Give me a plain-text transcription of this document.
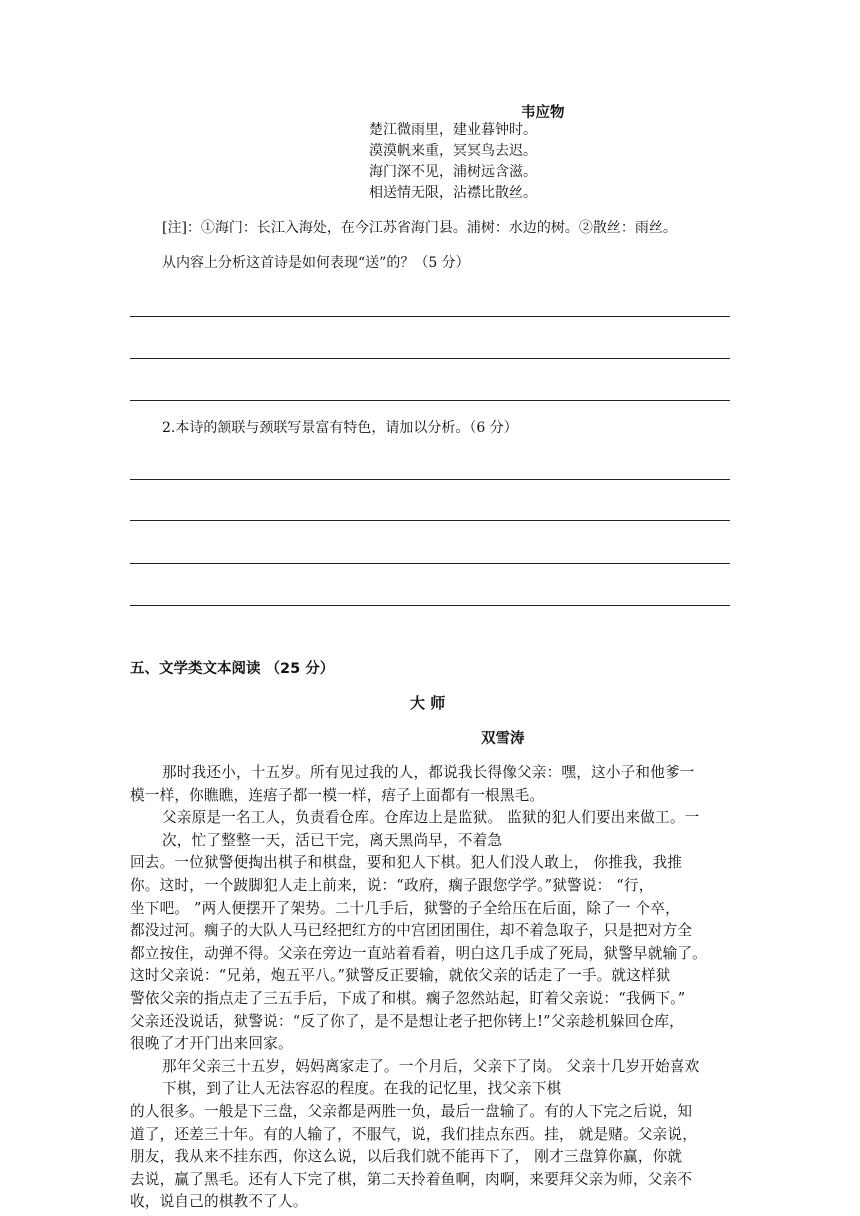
韦应物
楚江微雨里，建业暮钟时。
漠漠帆来重，冥冥鸟去迟。
海门深不见，浦树远含滋。
相送情无限，沾襟比散丝。
[注]：①海门：长江入海处，在今江苏省海门县。浦树：水边的树。②散丝：雨丝。
从内容上分析这首诗是如何表现“送”的？（5 分）
2.本诗的颔联与颈联写景富有特色，请加以分析。（6 分）
五、文学类文本阅读 （25 分）
大 师
双雪涛

那时我还小，十五岁。所有见过我的人，都说我长得像父亲：嘿，这小子和他爹一

模一样，你瞧瞧，连痦子都一模一样，痦子上面都有一根黑毛。

父亲原是一名工人，负责看仓库。仓库边上是监狱。 监狱的犯人们要出来做工。一

次，忙了整整一天，活已干完，离天黑尚早，不着急

回去。一位狱警便掏出棋子和棋盘，要和犯人下棋。犯人们没人敢上， 你推我，我推

你。这时，一个跛脚犯人走上前来，说：“政府，瘸子跟您学学。”狱警说： “行，

坐下吧。 ”两人便摆开了架势。二十几手后，狱警的子全给压在后面，除了一 个卒，

都没过河。瘸子的大队人马已经把红方的中宫团团围住，却不着急取子，只是把对方全

都立按住，动弹不得。父亲在旁边一直站着看着，明白这几手成了死局，狱警早就输了。

这时父亲说：“兄弟，炮五平八。”狱警反正要输，就依父亲的话走了一手。就这样狱

警依父亲的指点走了三五手后，下成了和棋。瘸子忽然站起，盯着父亲说：“我俩下。”

父亲还没说话，狱警说：“反了你了，是不是想让老子把你铐上!”父亲趁机躲回仓库，

很晚了才开门出来回家。

那年父亲三十五岁，妈妈离家走了。一个月后，父亲下了岗。 父亲十几岁开始喜欢

下棋，到了让人无法容忍的程度。在我的记忆里，找父亲下棋

的人很多。一般是下三盘，父亲都是两胜一负，最后一盘输了。有的人下完之后说，知

道了，还差三十年。有的人输了，不服气，说，我们挂点东西。挂， 就是赌。父亲说，

朋友，我从来不挂东西，你这么说，以后我们就不能再下了， 刚才三盘算你赢，你就

去说，赢了黑毛。还有人下完了棋，第二天拎着鱼啊，肉啊，来要拜父亲为师，父亲不

收，说自己的棋教不了人。
